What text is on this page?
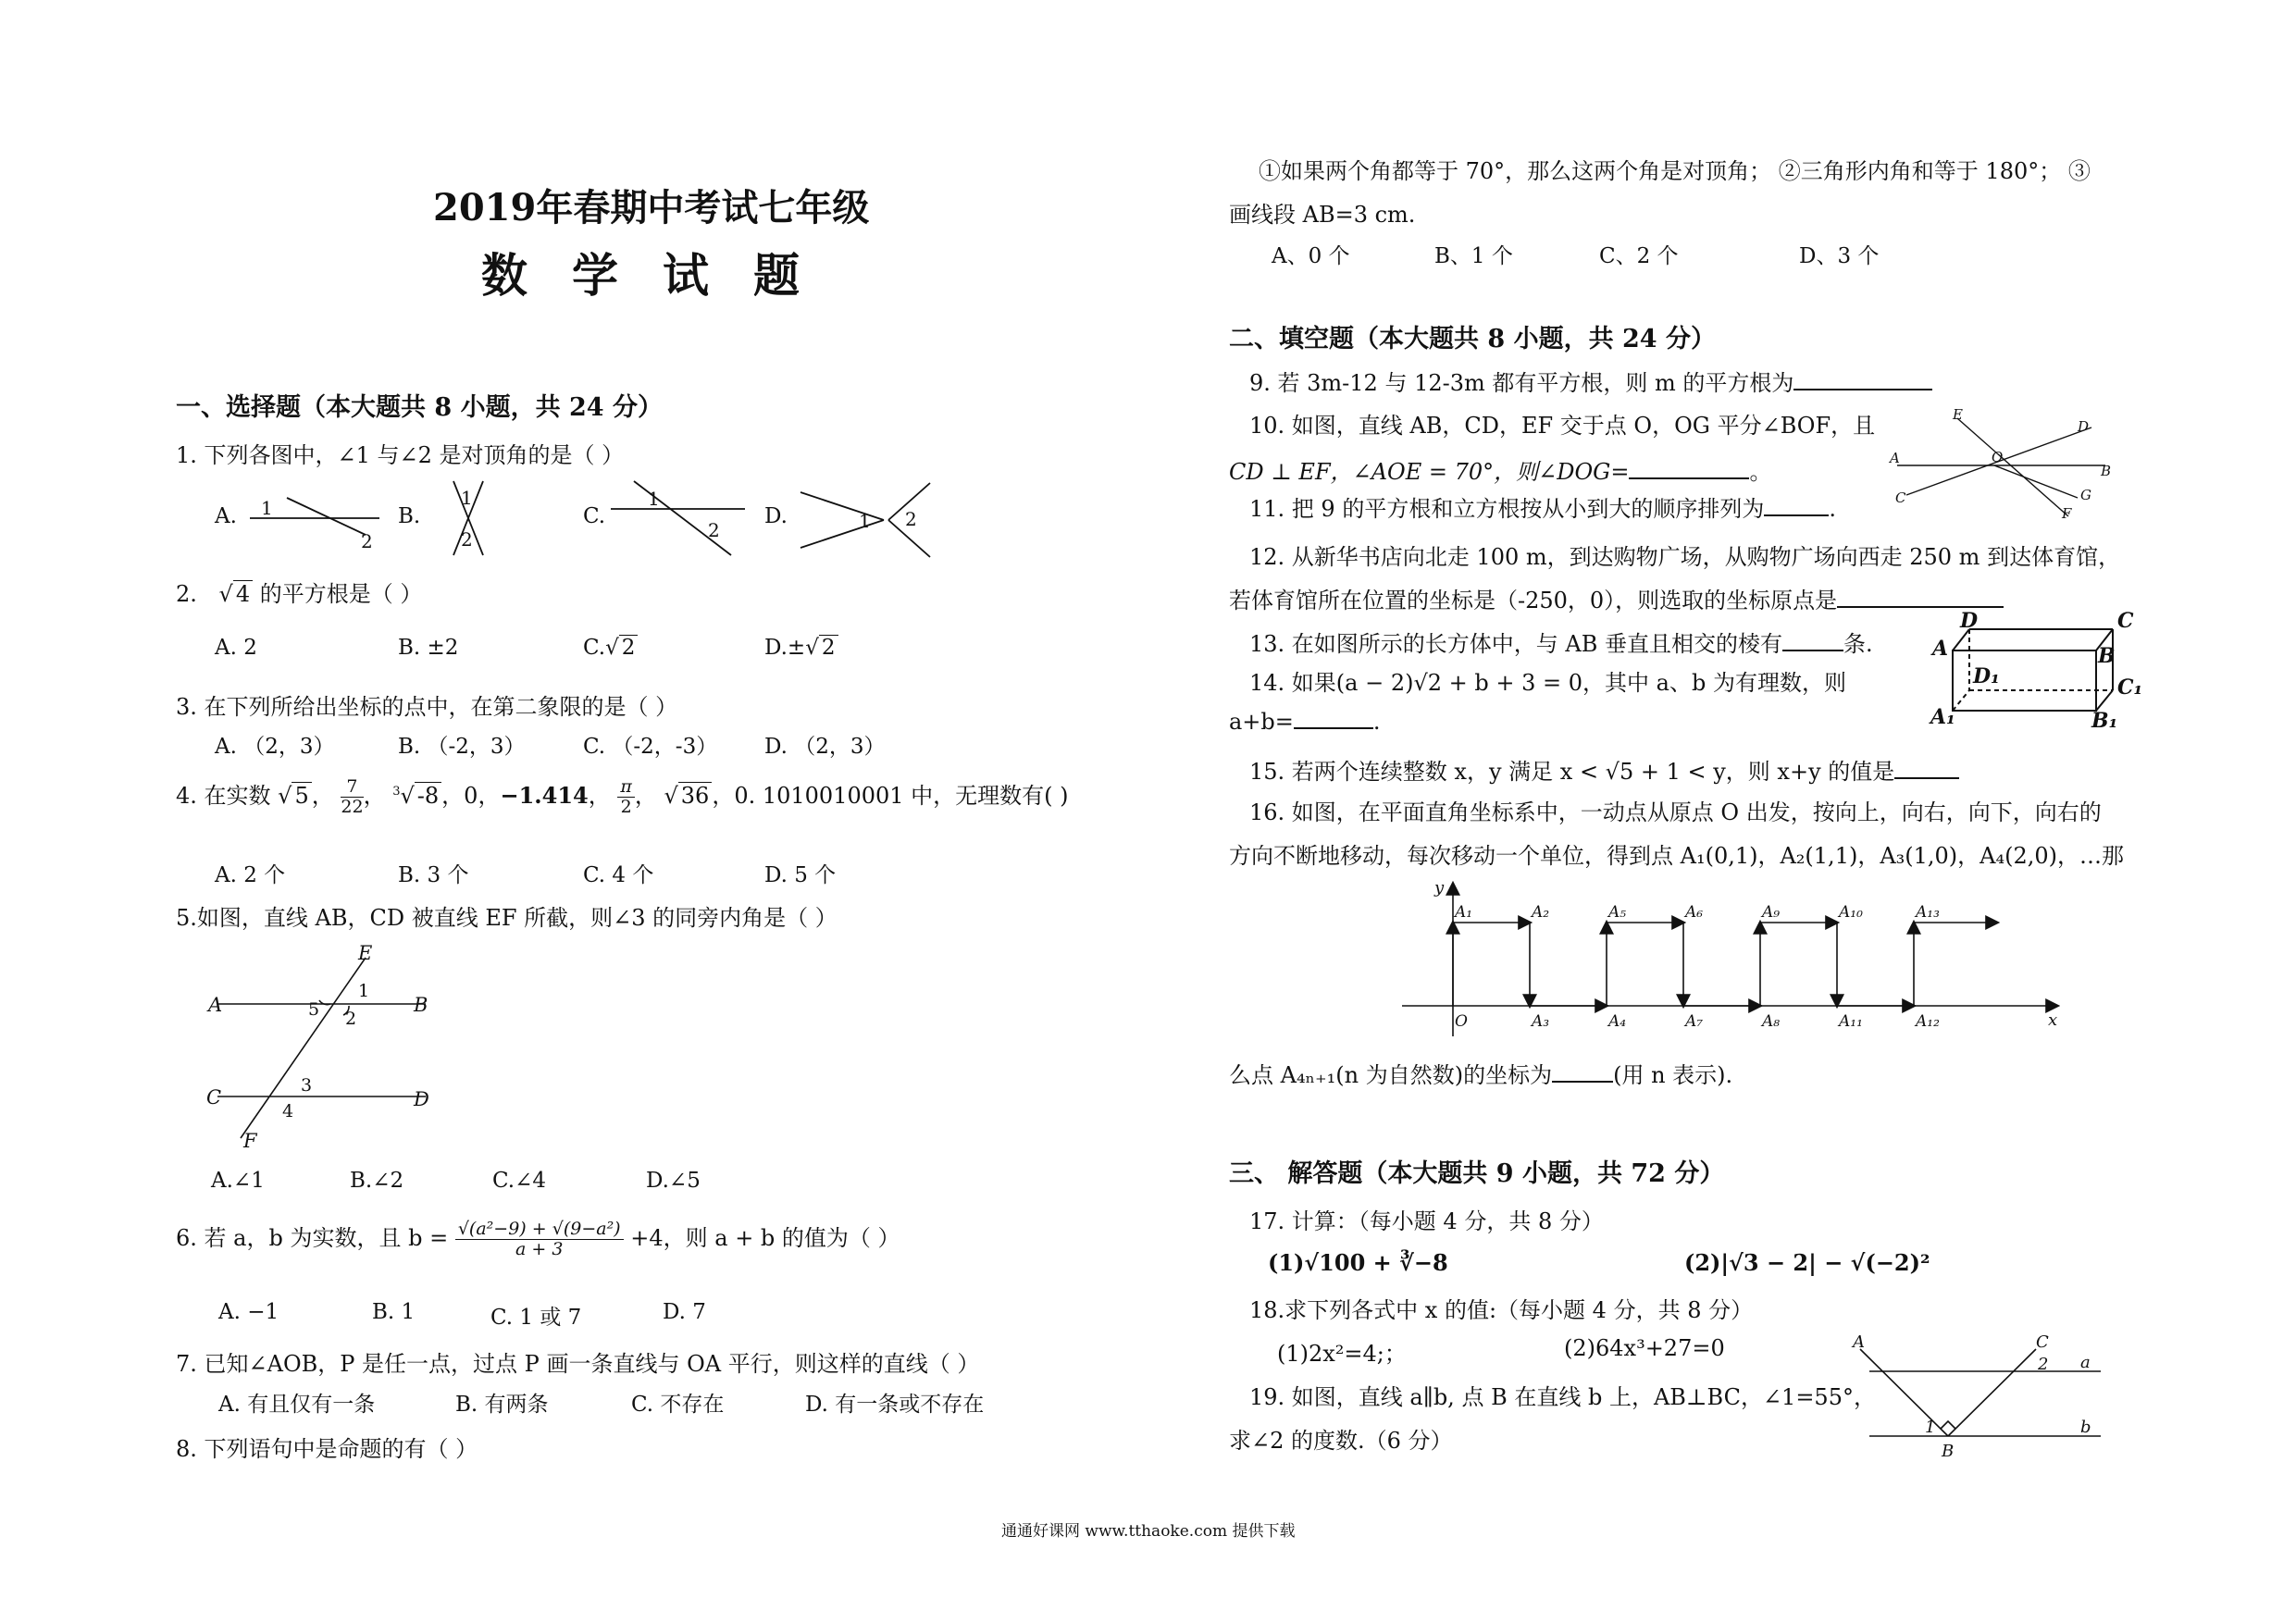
2019年春期中考试七年级
数学试题
一、选择题（本大题共 8 小题，共 24 分）
1. 下列各图中，∠1 与∠2 是对顶角的是（ ）
A.	B.	C.	D.
1
2
1
2
1
2	1 2
2. √ 4 的平方根是（ ）
A. 2	B. ±2	C.√ 2	D.±√ 2
3. 在下列所给出坐标的点中，在第二象限的是（ ）
A. （2，3）	B. （-2，3）	C. （-2，-3） D. （2，3）
4. 在实数 √ 5 ， $\frac{7}{22}$ ， $^3$√ -8 ，0，−1.414， $\frac{\pi}{2}$ ， √ 36 ，0. 1010010001 中，无理数有( )
A. 2 个	B. 3 个	C. 4 个	D. 5 个
5.如图，直线 AB，CD 被直线 EF 所截，则∠3 的同旁内角是（ ）
E
A	B
C	D
F
1
2
3
4
5
A.∠1	B.∠2	C.∠4	D.∠5
6. 若 a，b 为实数，且 $b = \frac{\text{√(a²−9) + √(9−a²)}}{a + 3} +4$，则 a + b 的值为（ ）
A. −1	B. 1	C. 1 或 7	D. 7
7. 已知∠AOB，P 是任一点，过点 P 画一条直线与 OA 平行，则这样的直线（ ）
A. 有且仅有一条	B. 有两条	C. 不存在	D. 有一条或不存在
8. 下列语句中是命题的有（ ）
①如果两个角都等于 70°，那么这两个角是对顶角； ②三角形内角和等于 180°； ③
画线段 AB=3 cm.
A、0 个	B、1 个	C、2 个	D、3 个
二、填空题（本大题共 8 小题，共 24 分）
9. 若 3m-12 与 12-3m 都有平方根，则 m 的平方根为
10. 如图，直线 AB，CD，EF 交于点 O，OG 平分∠BOF，且
CD ⊥ EF，∠AOE = 70°，则∠DOG=	。
E
D
A	O
B
C	G
F
11. 把 9 的平方根和立方根按从小到大的顺序排列为	.
12. 从新华书店向北走 100 m，到达购物广场，从购物广场向西走 250 m 到达体育馆，
若体育馆所在位置的坐标是（-250，0），则选取的坐标原点是
13. 在如图所示的长方体中，与 AB 垂直且相交的棱有	条.
D	C
A	B
D₁	C₁
A₁	B₁
14. 如果(a − 2)√2 + b + 3 = 0，其中 a、b 为有理数，则
a+b=	.
15. 若两个连续整数 x，y 满足 x < √5 + 1 < y，则 x+y 的值是
16. 如图，在平面直角坐标系中，一动点从原点 O 出发，按向上，向右，向下，向右的
方向不断地移动，每次移动一个单位，得到点 A₁(0,1)，A₂(1,1)，A₃(1,0)，A₄(2,0)，…那
A₁	A₂	A₅	A₆	A₉	A₁₀	A₁₃
O	A₃	A₄	A₇	A₈	A₁₁	A₁₂
y
x
么点 A₄ₙ₊₁(n 为自然数)的坐标为	(用 n 表示).
三、 解答题（本大题共 9 小题，共 72 分）
17. 计算：（每小题 4 分，共 8 分）
(1)√100 + ∛−8	(2)|√3 − 2| − √(−2)²
18.求下列各式中 x 的值:（每小题 4 分，共 8 分）
(1)2x²=4;；	(2)64x³+27=0
19. 如图，直线 a∥b, 点 B 在直线 b 上，AB⊥BC，∠1=55°，
求∠2 的度数.（6 分）
A	C
2 a
1	b
B
通通好课网 www.tthaoke.com 提供下载
